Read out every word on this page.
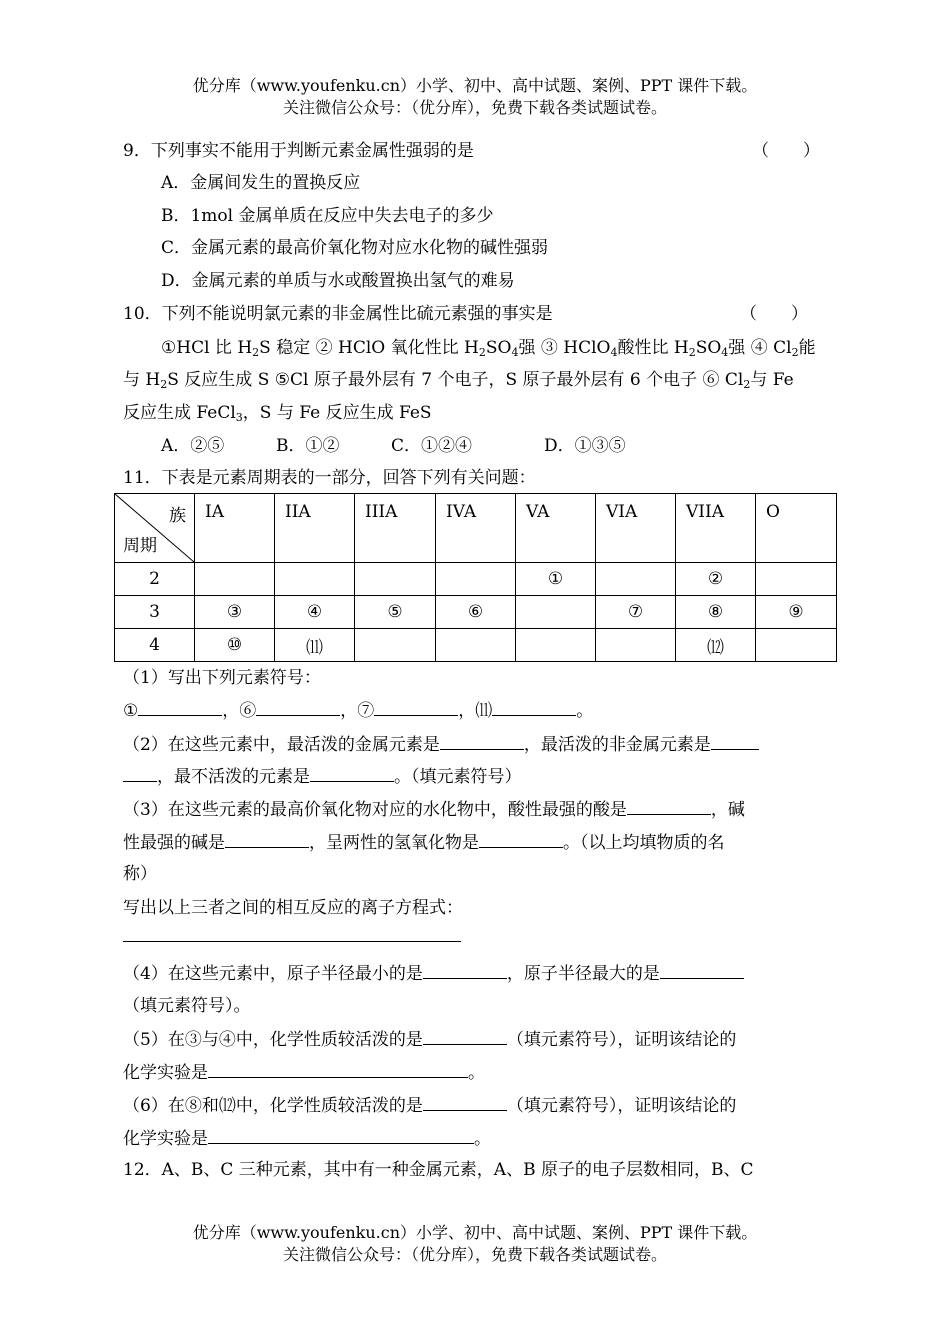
优分库（www.youfenku.cn）小学、初中、高中试题、案例、PPT 课件下载。
关注微信公众号：（优分库），免费下载各类试题试卷。
9．下列事实不能用于判断元素金属性强弱的是	（　　）
A．金属间发生的置换反应
B．1mol 金属单质在反应中失去电子的多少
C．金属元素的最高价氧化物对应水化物的碱性强弱
D．金属元素的单质与水或酸置换出氢气的难易
10．下列不能说明氯元素的非金属性比硫元素强的事实是	（　　）
①HCl 比 $H_2S$ 稳定 ② HClO 氧化性比 $H_2SO_4$强 ③ HClO$_4$酸性比 $H_2SO_4$强 ④ $Cl_2$能
与 $H_2S$ 反应生成 S ⑤Cl 原子最外层有 7 个电子，S 原子最外层有 6 个电子 ⑥ $Cl_2$与 Fe
反应生成 FeCl$_3$，S 与 Fe 反应生成 FeS
A．②⑤	B．①②	C．①②④	D．①③⑤
11．下表是元素周期表的一部分，回答下列有关问题：
族
周期	IA	IIA	IIIA	IVA	VA	VIA	VIIA	O
2					①		②	
3	③	④	⑤	⑥		⑦	⑧	⑨
4	⑩	⑾					⑿	
（1）写出下列元素符号：
①	，⑥	，⑦	，⑾	。
（2）在这些元素中，最活泼的金属元素是	，最活泼的非金属元素是
，最不活泼的元素是	。（填元素符号）
（3）在这些元素的最高价氧化物对应的水化物中，酸性最强的酸是	，碱
性最强的碱是	，呈两性的氢氧化物是	。（以上均填物质的名
称）
写出以上三者之间的相互反应的离子方程式：
（4）在这些元素中，原子半径最小的是	，原子半径最大的是
（填元素符号）。
（5）在③与④中，化学性质较活泼的是	（填元素符号），证明该结论的
化学实验是	。
（6）在⑧和⑿中，化学性质较活泼的是	（填元素符号），证明该结论的
化学实验是	。
12．A、B、C 三种元素，其中有一种金属元素，A、B 原子的电子层数相同，B、C
优分库（www.youfenku.cn）小学、初中、高中试题、案例、PPT 课件下载。
关注微信公众号：（优分库），免费下载各类试题试卷。
